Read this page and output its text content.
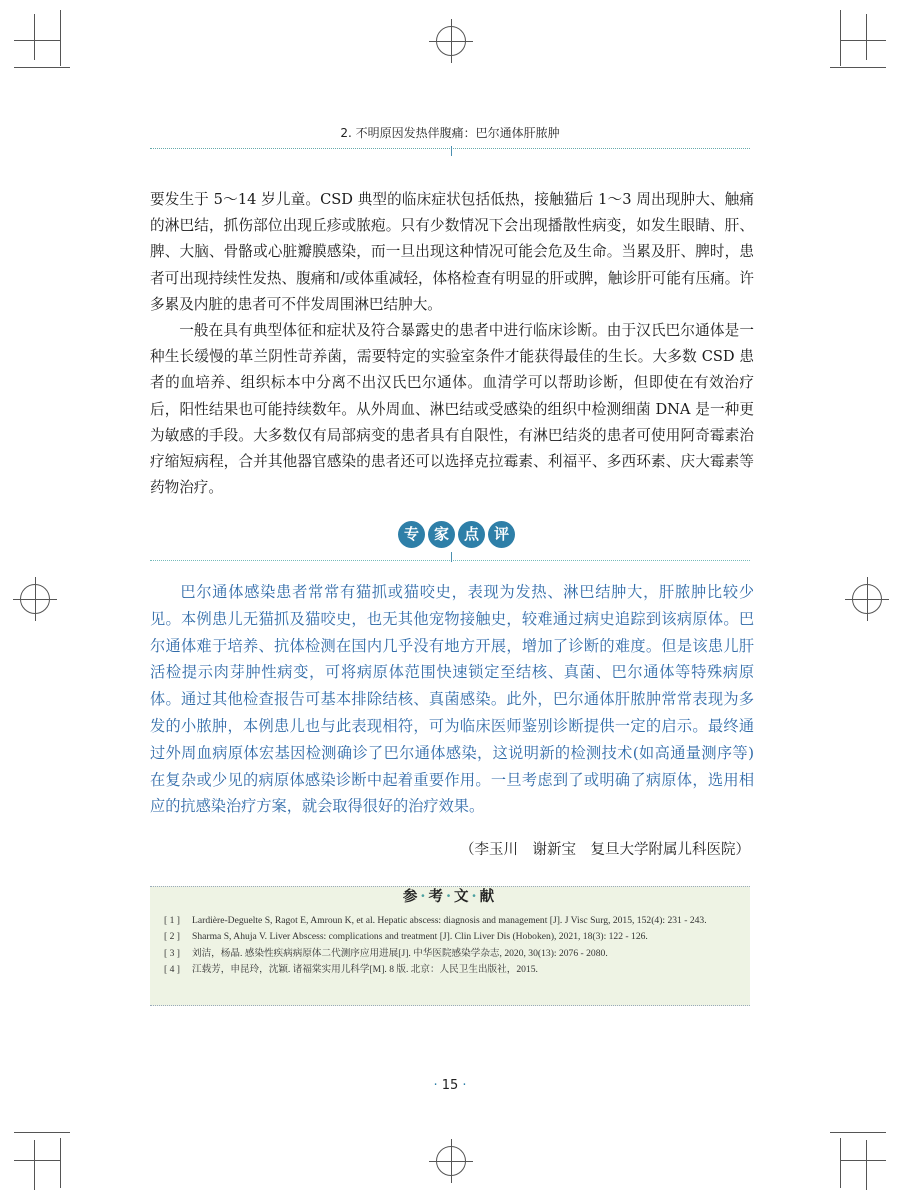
2. 不明原因发热伴腹痛：巴尔通体肝脓肿

要发生于 5～14 岁儿童。CSD 典型的临床症状包括低热，接触猫后 1～3 周出现肿大、触痛的淋巴结，抓伤部位出现丘疹或脓疱。只有少数情况下会出现播散性病变，如发生眼睛、肝、脾、大脑、骨骼或心脏瓣膜感染，而一旦出现这种情况可能会危及生命。当累及肝、脾时，患者可出现持续性发热、腹痛和/或体重减轻，体格检查有明显的肝或脾，触诊肝可能有压痛。许多累及内脏的患者可不伴发周围淋巴结肿大。

一般在具有典型体征和症状及符合暴露史的患者中进行临床诊断。由于汉氏巴尔通体是一种生长缓慢的革兰阴性苛养菌，需要特定的实验室条件才能获得最佳的生长。大多数 CSD 患者的血培养、组织标本中分离不出汉氏巴尔通体。血清学可以帮助诊断，但即使在有效治疗后，阳性结果也可能持续数年。从外周血、淋巴结或受感染的组织中检测细菌 DNA 是一种更为敏感的手段。大多数仅有局部病变的患者具有自限性，有淋巴结炎的患者可使用阿奇霉素治疗缩短病程，合并其他器官感染的患者还可以选择克拉霉素、利福平、多西环素、庆大霉素等药物治疗。

专 家 点 评

巴尔通体感染患者常常有猫抓或猫咬史，表现为发热、淋巴结肿大，肝脓肿比较少见。本例患儿无猫抓及猫咬史，也无其他宠物接触史，较难通过病史追踪到该病原体。巴尔通体难于培养、抗体检测在国内几乎没有地方开展，增加了诊断的难度。但是该患儿肝活检提示肉芽肿性病变，可将病原体范围快速锁定至结核、真菌、巴尔通体等特殊病原体。通过其他检查报告可基本排除结核、真菌感染。此外，巴尔通体肝脓肿常常表现为多发的小脓肿，本例患儿也与此表现相符，可为临床医师鉴别诊断提供一定的启示。最终通过外周血病原体宏基因检测确诊了巴尔通体感染，这说明新的检测技术(如高通量测序等)在复杂或少见的病原体感染诊断中起着重要作用。一旦考虑到了或明确了病原体，选用相应的抗感染治疗方案，就会取得很好的治疗效果。

（李玉川　谢新宝　复旦大学附属儿科医院）
参·考·文·献
[ 1 ]	Lardière-Deguelte S, Ragot E, Amroun K, et al. Hepatic abscess: diagnosis and management [J]. J Visc Surg, 2015, 152(4): 231 - 243.
[ 2 ]	Sharma S, Ahuja V. Liver Abscess: complications and treatment [J]. Clin Liver Dis (Hoboken), 2021, 18(3): 122 - 126.
[ 3 ]	刘洁，杨晶. 感染性疾病病原体二代测序应用进展[J]. 中华医院感染学杂志, 2020, 30(13): 2076 - 2080.
[ 4 ]	江载芳，申昆玲，沈颖. 诸福棠实用儿科学[M]. 8 版. 北京：人民卫生出版社，2015.
· 15 ·
